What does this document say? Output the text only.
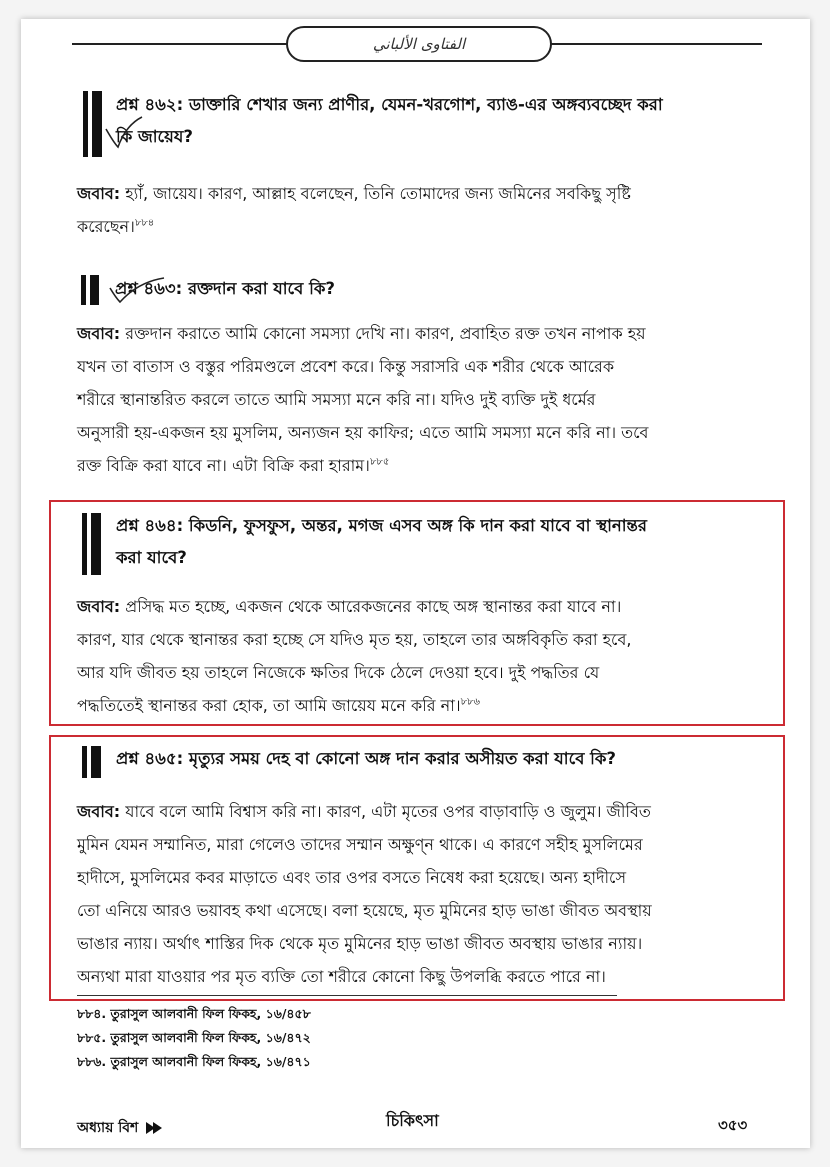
الفتاوى الألباني
প্রশ্ন ৪৬২: ডাক্তারি শেখার জন্য প্রাণীর, যেমন-খরগোশ, ব্যাঙ-এর অঙ্গব্যবচ্ছেদ করা
কি জায়েয?
জবাব: হ্যাঁ, জায়েয। কারণ, আল্লাহ বলেছেন, তিনি তোমাদের জন্য জমিনের সবকিছু সৃষ্টি
করেছেন।$^{৮৮৪}$
প্রশ্ন ৪৬৩: রক্তদান করা যাবে কি?
জবাব: রক্তদান করাতে আমি কোনো সমস্যা দেখি না। কারণ, প্রবাহিত রক্ত তখন নাপাক হয়
যখন তা বাতাস ও বস্তুর পরিমণ্ডলে প্রবেশ করে। কিন্তু সরাসরি এক শরীর থেকে আরেক
শরীরে স্থানান্তরিত করলে তাতে আমি সমস্যা মনে করি না। যদিও দুই ব্যক্তি দুই ধর্মের
অনুসারী হয়-একজন হয় মুসলিম, অন্যজন হয় কাফির; এতে আমি সমস্যা মনে করি না। তবে
রক্ত বিক্রি করা যাবে না। এটা বিক্রি করা হারাম।$^{৮৮৫}$
প্রশ্ন ৪৬৪: কিডনি, ফুসফুস, অন্তর, মগজ এসব অঙ্গ কি দান করা যাবে বা স্থানান্তর
করা যাবে?
জবাব: প্রসিদ্ধ মত হচ্ছে, একজন থেকে আরেকজনের কাছে অঙ্গ স্থানান্তর করা যাবে না।
কারণ, যার থেকে স্থানান্তর করা হচ্ছে সে যদিও মৃত হয়, তাহলে তার অঙ্গবিকৃতি করা হবে,
আর যদি জীবত হয় তাহলে নিজেকে ক্ষতির দিকে ঠেলে দেওয়া হবে। দুই পদ্ধতির যে
পদ্ধতিতেই স্থানান্তর করা হোক, তা আমি জায়েয মনে করি না।$^{৮৮৬}$
প্রশ্ন ৪৬৫: মৃত্যুর সময় দেহ বা কোনো অঙ্গ দান করার অসীয়ত করা যাবে কি?
জবাব: যাবে বলে আমি বিশ্বাস করি না। কারণ, এটা মৃতের ওপর বাড়াবাড়ি ও জুলুম। জীবিত
মুমিন যেমন সম্মানিত, মারা গেলেও তাদের সম্মান অক্ষুণ্ন থাকে। এ কারণে সহীহ মুসলিমের
হাদীসে, মুসলিমের কবর মাড়াতে এবং তার ওপর বসতে নিষেধ করা হয়েছে। অন্য হাদীসে
তো এনিয়ে আরও ভয়াবহ কথা এসেছে। বলা হয়েছে, মৃত মুমিনের হাড় ভাঙা জীবত অবস্থায়
ভাঙার ন্যায়। অর্থাৎ শাস্তির দিক থেকে মৃত মুমিনের হাড় ভাঙা জীবত অবস্থায় ভাঙার ন্যায়।
অন্যথা মারা যাওয়ার পর মৃত ব্যক্তি তো শরীরে কোনো কিছু উপলব্ধি করতে পারে না।
৮৮৪. তুরাসুল আলবানী ফিল ফিকহ, ১৬/৪৫৮
৮৮৫. তুরাসুল আলবানী ফিল ফিকহ, ১৬/৪৭২
৮৮৬. তুরাসুল আলবানী ফিল ফিকহ, ১৬/৪৭১
অধ্যায় বিশ	চিকিৎসা	৩৫৩
